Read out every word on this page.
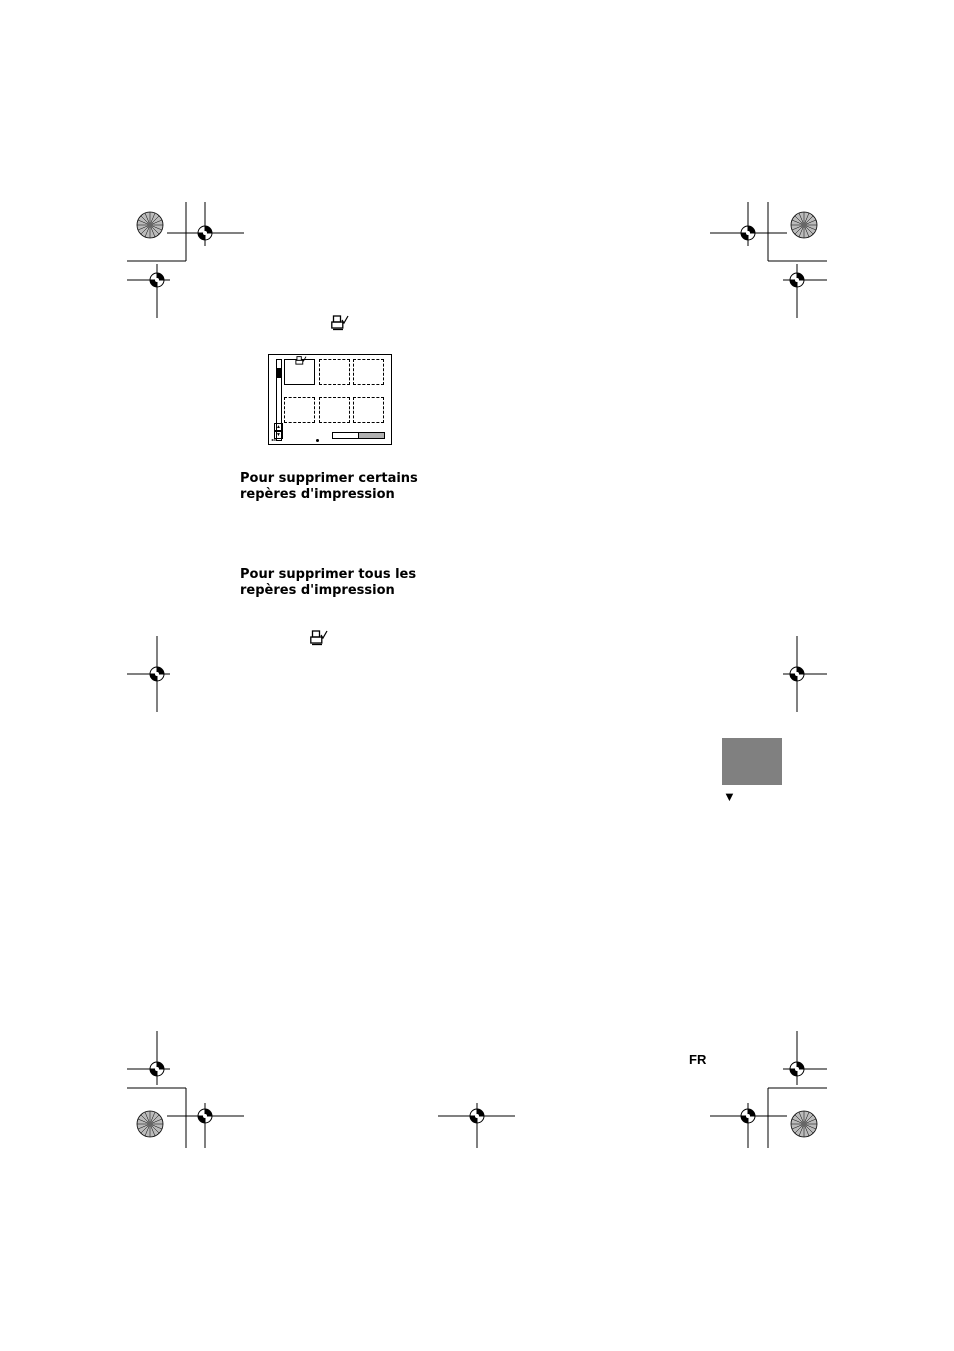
▲
▼
◂•▸
Pour supprimer certains
repères d'impression
Pour supprimer tous les
repères d'impression
▼
FR
